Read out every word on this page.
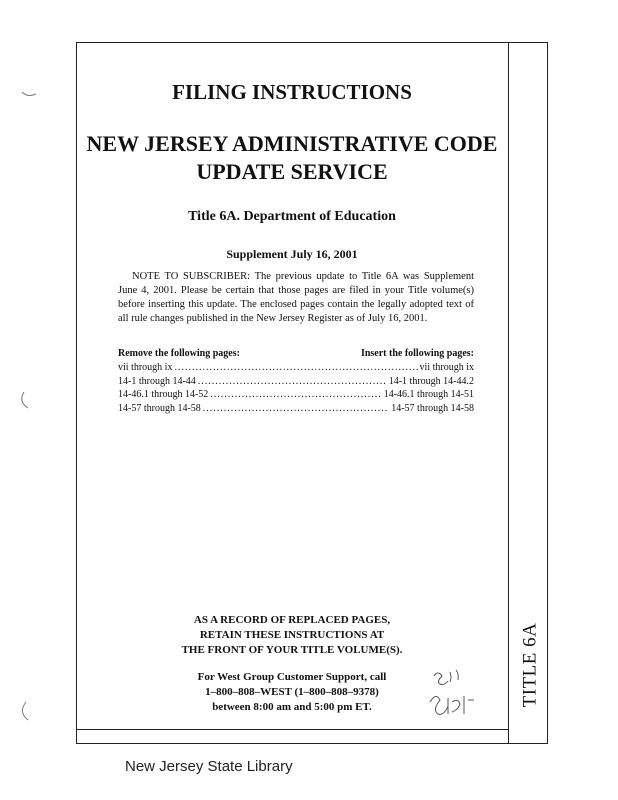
TITLE 6A
FILING INSTRUCTIONS
NEW JERSEY ADMINISTRATIVE CODE
UPDATE SERVICE
Title 6A. Department of Education
Supplement July 16, 2001
NOTE TO SUBSCRIBER: The previous update to Title 6A was Supplement June 4, 2001. Please be certain that those pages are filed in your Title volume(s) before inserting this update. The enclosed pages contain the legally adopted text of all rule changes published in the New Jersey Register as of July 16, 2001.
Remove the following pages:	Insert the following pages:
vii through ix .....	vii through ix
14-1 through 14-44 .....	14-1 through 14-44.2
14-46.1 through 14-52 .....	14-46.1 through 14-51
14-57 through 14-58 .....	14-57 through 14-58
AS A RECORD OF REPLACED PAGES,
RETAIN THESE INSTRUCTIONS AT
THE FRONT OF YOUR TITLE VOLUME(S).
For West Group Customer Support, call
1–800–808–WEST (1–800–808–9378)
between 8:00 am and 5:00 pm ET.
New Jersey State Library
